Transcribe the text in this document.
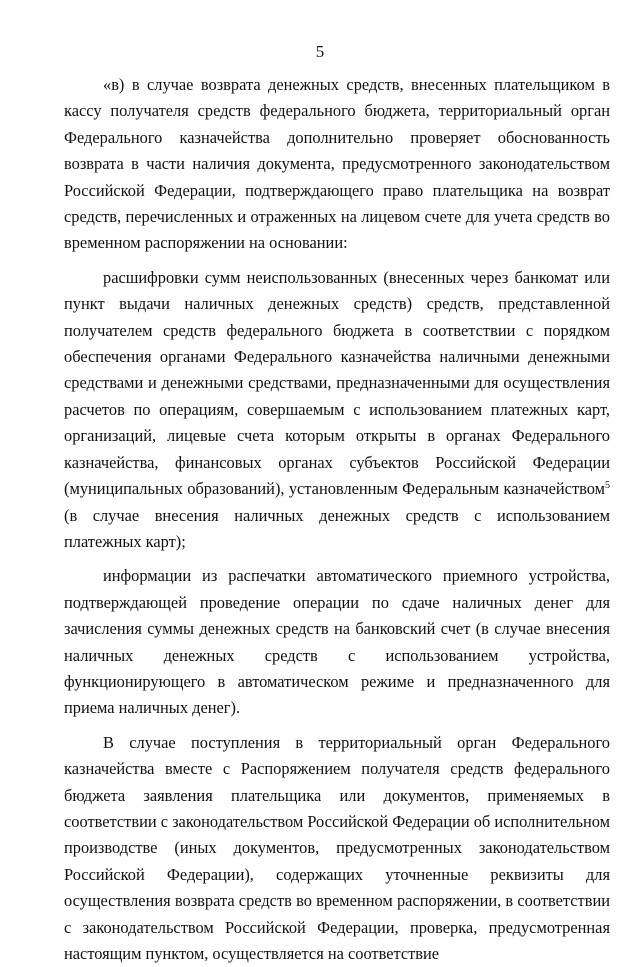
5

«в) в случае возврата денежных средств, внесенных плательщиком в кассу получателя средств федерального бюджета, территориальный орган Федерального казначейства дополнительно проверяет обоснованность возврата в части наличия документа, предусмотренного законодательством Российской Федерации, подтверждающего право плательщика на возврат средств, перечисленных и отраженных на лицевом счете для учета средств во временном распоряжении на основании:

расшифровки сумм неиспользованных (внесенных через банкомат или пункт выдачи наличных денежных средств) средств, представленной получателем средств федерального бюджета в соответствии с порядком обеспечения органами Федерального казначейства наличными денежными средствами и денежными средствами, предназначенными для осуществления расчетов по операциям, совершаемым с использованием платежных карт, организаций, лицевые счета которым открыты в органах Федерального казначейства, финансовых органах субъектов Российской Федерации (муниципальных образований), установленным Федеральным казначейством$^5$ (в случае внесения наличных денежных средств с использованием платежных карт);

информации из распечатки автоматического приемного устройства, подтверждающей проведение операции по сдаче наличных денег для зачисления суммы денежных средств на банковский счет (в случае внесения наличных денежных средств с использованием устройства, функционирующего в автоматическом режиме и предназначенного для приема наличных денег).

В случае поступления в территориальный орган Федерального казначейства вместе с Распоряжением получателя средств федерального бюджета заявления плательщика или документов, применяемых в соответствии с законодательством Российской Федерации об исполнительном производстве (иных документов, предусмотренных законодательством Российской Федерации), содержащих уточненные реквизиты для осуществления возврата средств во временном распоряжении, в соответствии с законодательством Российской Федерации, проверка, предусмотренная настоящим пунктом, осуществляется на соответствие
